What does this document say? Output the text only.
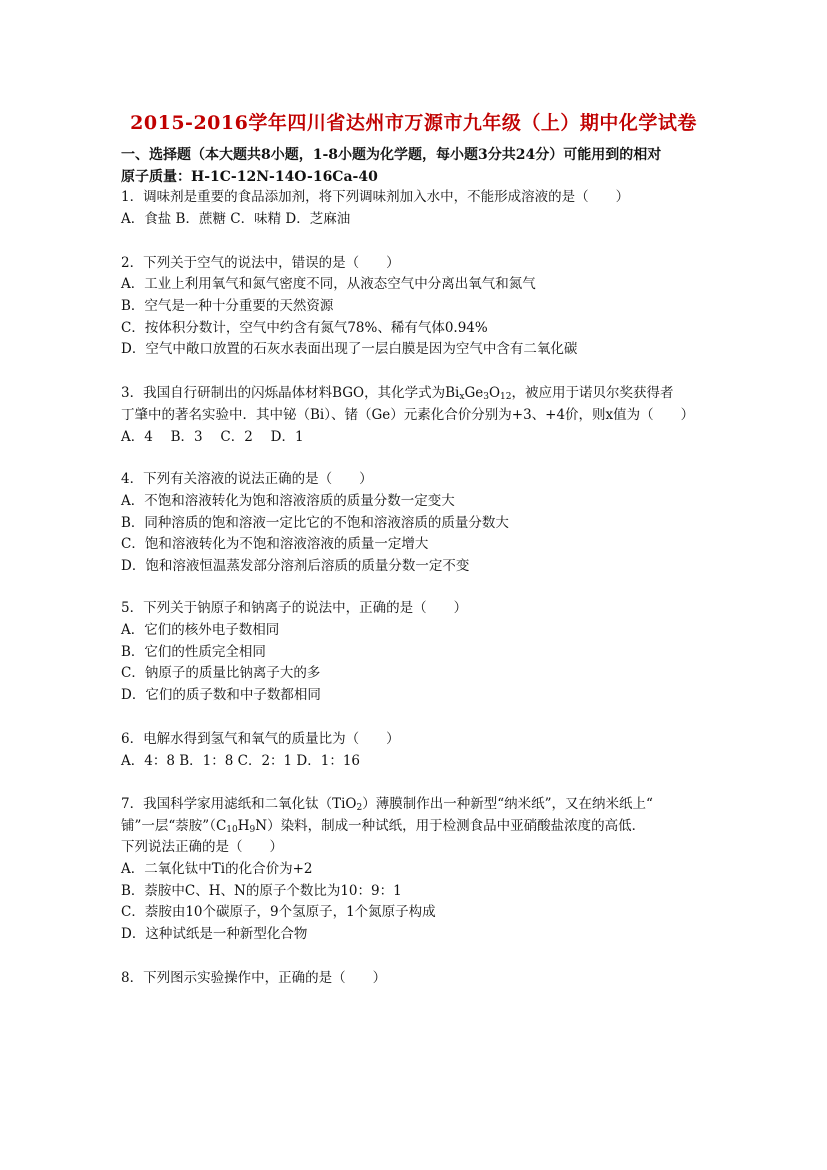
2015-2016学年四川省达州市万源市九年级（上）期中化学试卷
一、选择题（本大题共8小题，1-8小题为化学题，每小题3分共24分）可能用到的相对
原子质量：H-1C-12N-14O-16Ca-40
1．调味剂是重要的食品添加剂，将下列调味剂加入水中，不能形成溶液的是（　　）
A．食盐 B．蔗糖 C．味精 D．芝麻油
2．下列关于空气的说法中，错误的是（　　）
A．工业上利用氧气和氮气密度不同，从液态空气中分离出氧气和氮气
B．空气是一种十分重要的天然资源
C．按体积分数计，空气中约含有氮气78%、稀有气体0.94%
D．空气中敞口放置的石灰水表面出现了一层白膜是因为空气中含有二氧化碳
3．我国自行研制出的闪烁晶体材料BGO，其化学式为$Bi_xGe_3O_{12}$，被应用于诺贝尔奖获得者
丁肇中的著名实验中．其中铋（Bi）、锗（Ge）元素化合价分别为+3、+4价，则x值为（　　）
A．4　 B．3　 C．2　 D．1
4．下列有关溶液的说法正确的是（　　）
A．不饱和溶液转化为饱和溶液溶质的质量分数一定变大
B．同种溶质的饱和溶液一定比它的不饱和溶液溶质的质量分数大
C．饱和溶液转化为不饱和溶液溶液的质量一定增大
D．饱和溶液恒温蒸发部分溶剂后溶质的质量分数一定不变
5．下列关于钠原子和钠离子的说法中，正确的是（　　）
A．它们的核外电子数相同
B．它们的性质完全相同
C．钠原子的质量比钠离子大的多
D．它们的质子数和中子数都相同
6．电解水得到氢气和氧气的质量比为（　　）
A．4：8 B．1：8 C．2：1 D．1：16
7．我国科学家用滤纸和二氧化钛（TiO$_2$）薄膜制作出一种新型“纳米纸”，又在纳米纸上“
铺”一层“萘胺$”(C_{10}H_9N)$染料，制成一种试纸，用于检测食品中亚硝酸盐浓度的高低．
下列说法正确的是（　　）
A．二氧化钛中Ti的化合价为+2
B．萘胺中C、H、N的原子个数比为10：9：1
C．萘胺由10个碳原子，9个氢原子，1个氮原子构成
D．这种试纸是一种新型化合物
8．下列图示实验操作中，正确的是（　　）
